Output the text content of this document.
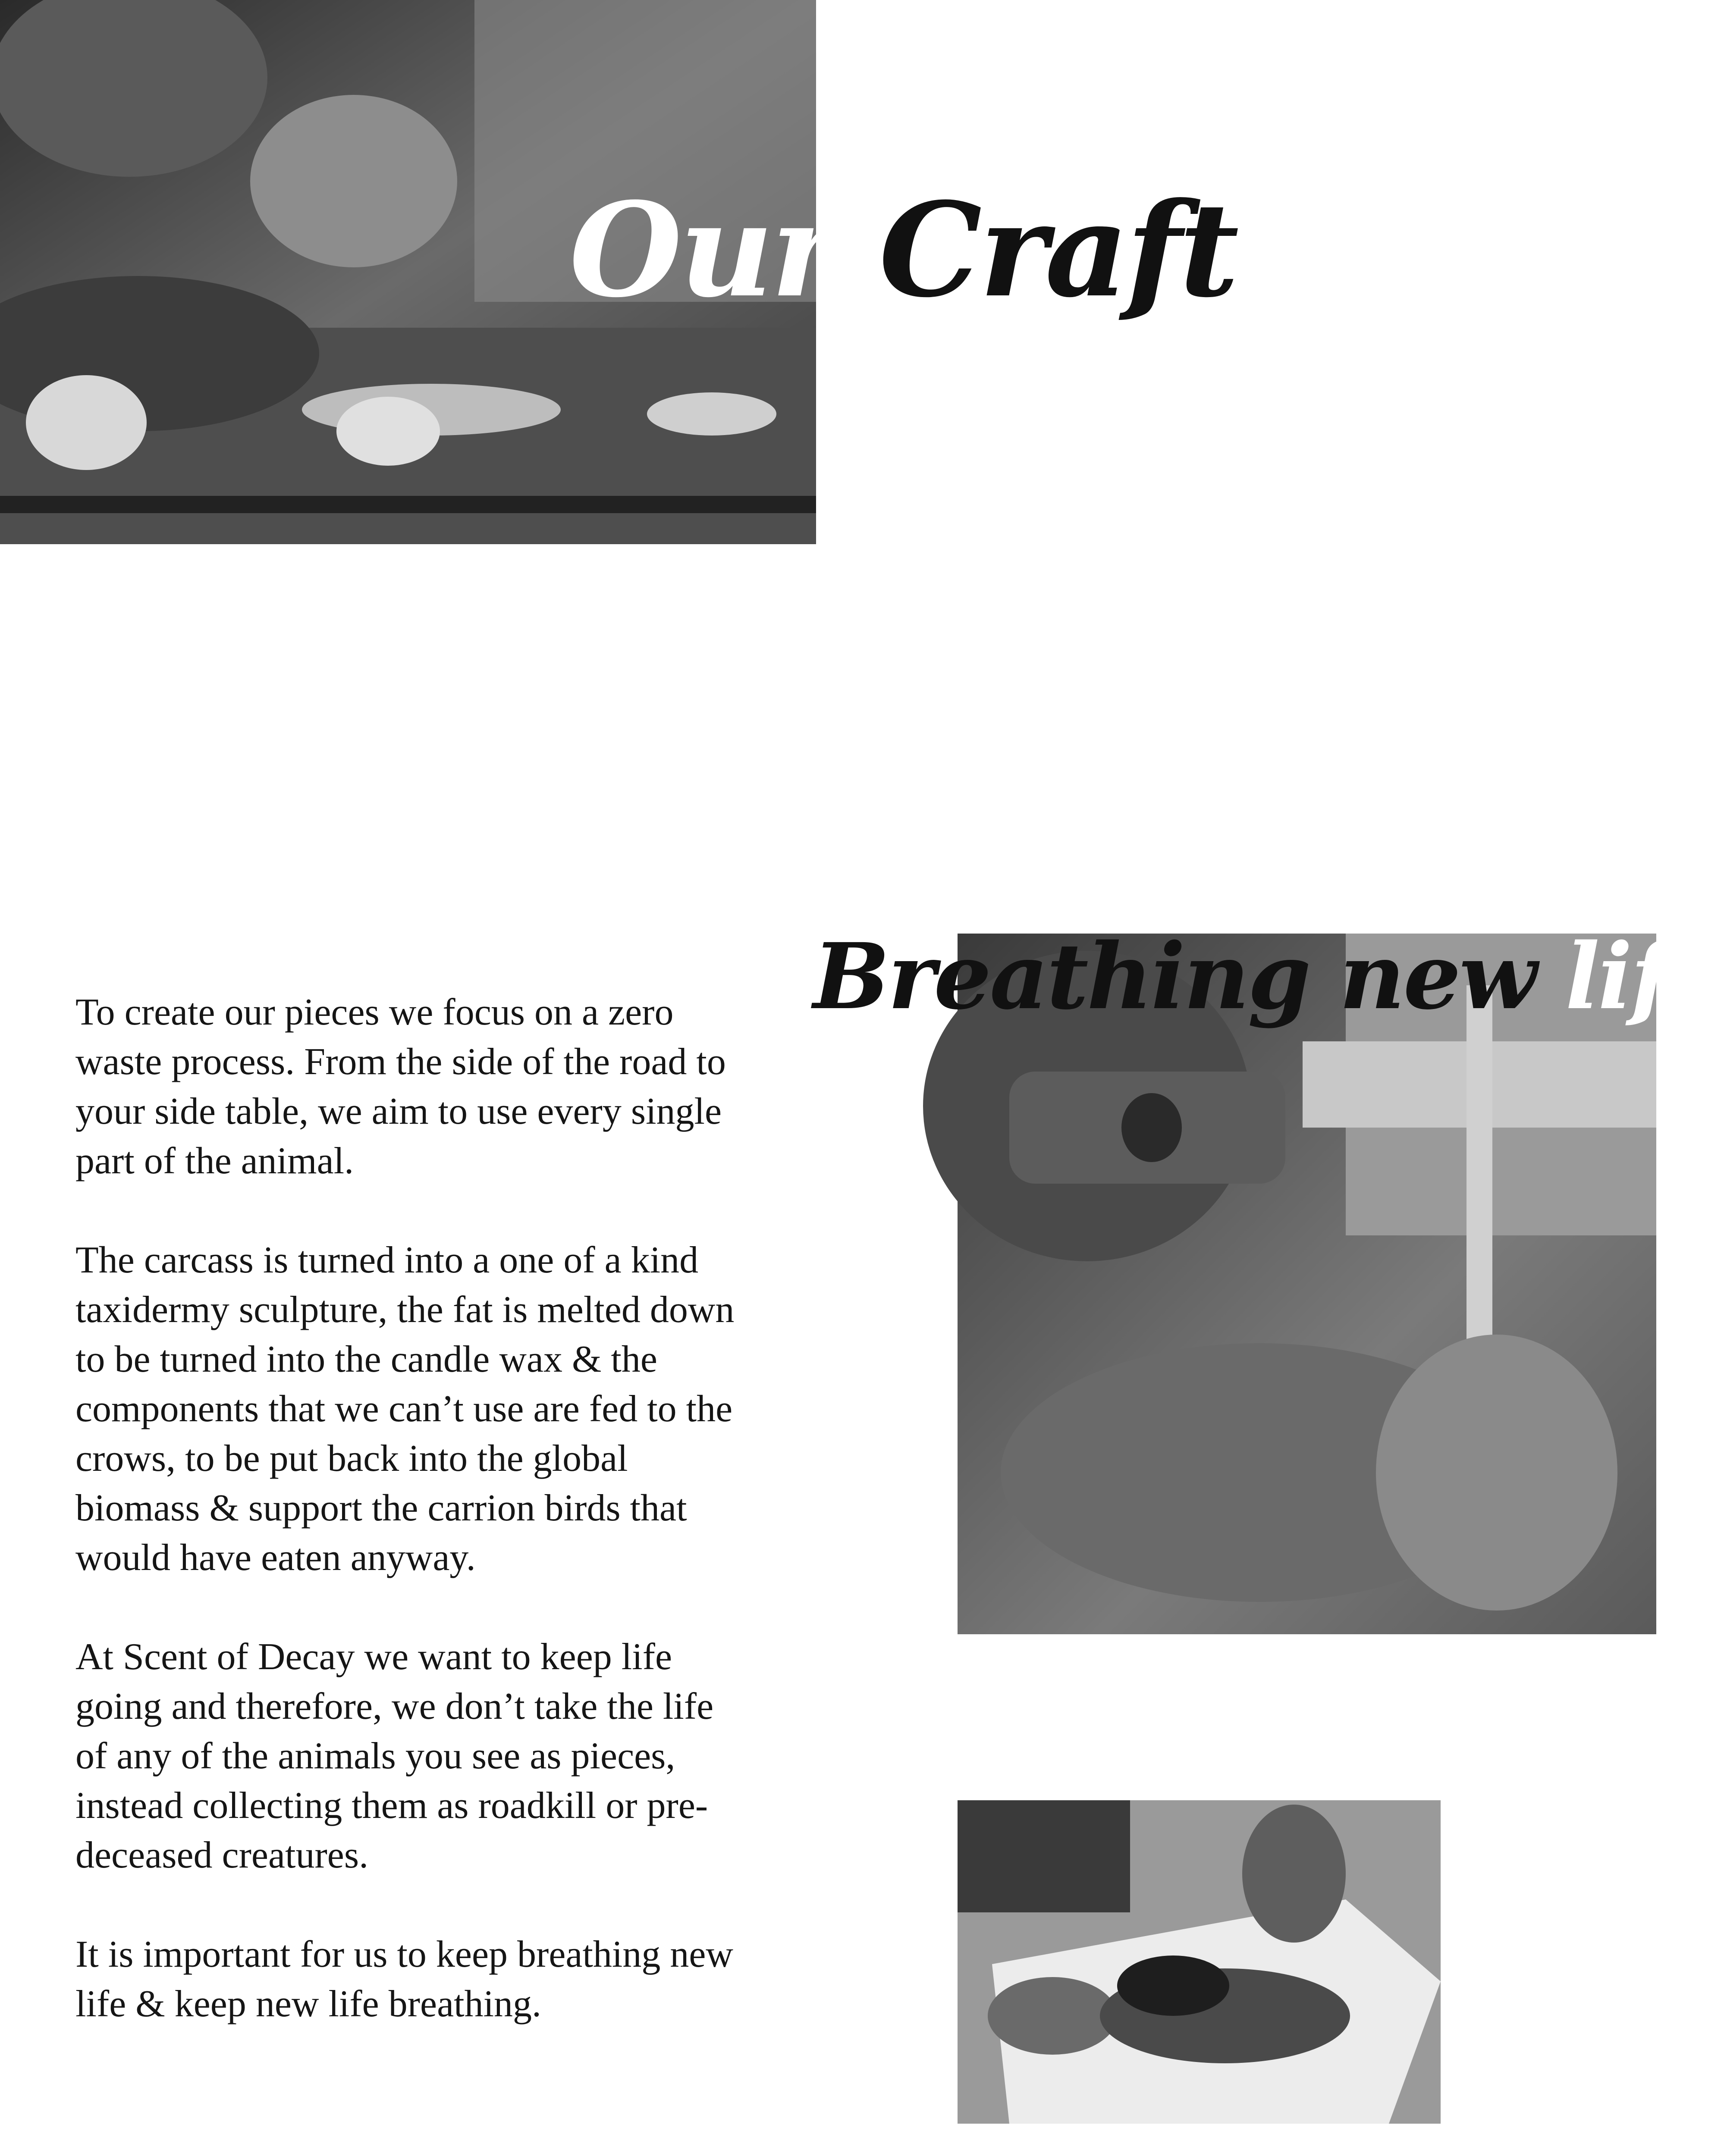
Our Craft
Breathing new life

To create our pieces we focus on a zero waste process. From the side of the road to your side table, we aim to use every single part of the animal.

The carcass is turned into a one of a kind taxidermy sculpture, the fat is melted down to be turned into the candle wax & the components that we can’t use are fed to the crows, to be put back into the global biomass & support the carrion birds that would have eaten anyway.

At Scent of Decay we want to keep life going and therefore, we don’t take the life of any of the animals you see as pieces, instead collecting them as roadkill or pre-deceased creatures.

It is important for us to keep breathing new life & keep new life breathing.
